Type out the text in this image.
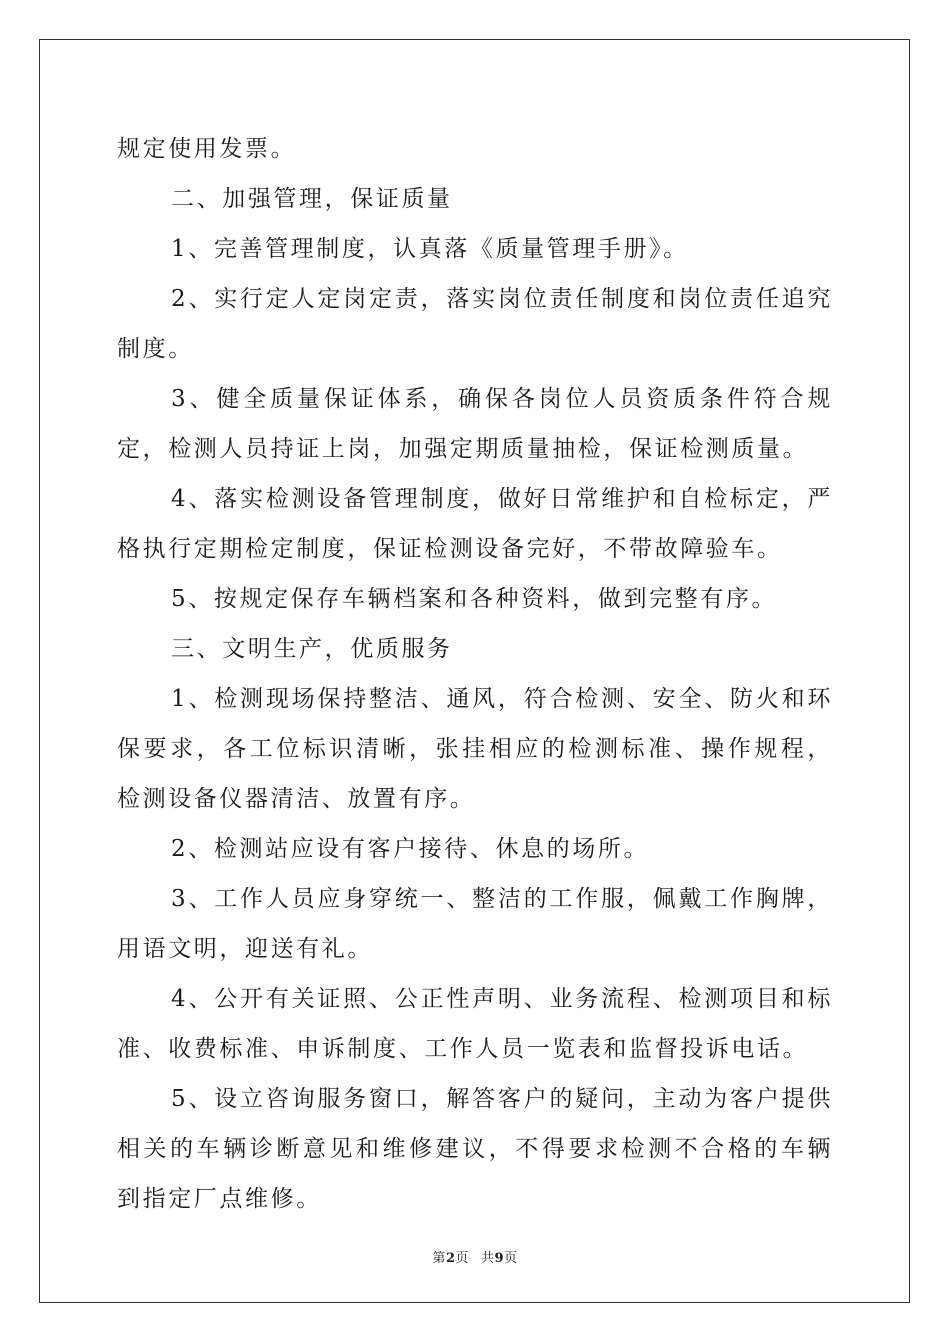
规定使用发票。

二、加强管理，保证质量

1、完善管理制度，认真落《质量管理手册》。

2、实行定人定岗定责，落实岗位责任制度和岗位责任追究制度。

3、健全质量保证体系，确保各岗位人员资质条件符合规定，检测人员持证上岗，加强定期质量抽检，保证检测质量。

4、落实检测设备管理制度，做好日常维护和自检标定，严格执行定期检定制度，保证检测设备完好，不带故障验车。

5、按规定保存车辆档案和各种资料，做到完整有序。

三、文明生产，优质服务

1、检测现场保持整洁、通风，符合检测、安全、防火和环保要求，各工位标识清晰，张挂相应的检测标准、操作规程，检测设备仪器清洁、放置有序。

2、检测站应设有客户接待、休息的场所。

3、工作人员应身穿统一、整洁的工作服，佩戴工作胸牌，用语文明，迎送有礼。

4、公开有关证照、公正性声明、业务流程、检测项目和标准、收费标准、申诉制度、工作人员一览表和监督投诉电话。

5、设立咨询服务窗口，解答客户的疑问，主动为客户提供相关的车辆诊断意见和维修建议，不得要求检测不合格的车辆到指定厂点维修。

第2页 共9页
